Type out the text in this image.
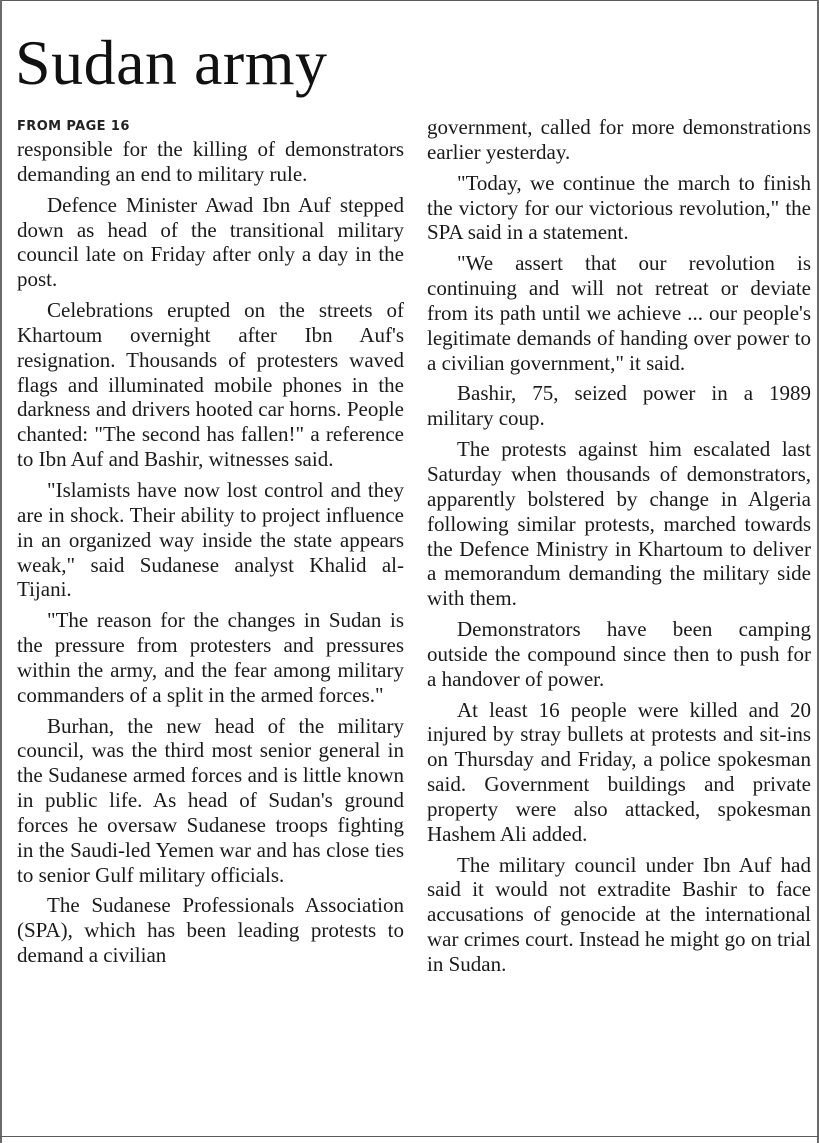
Sudan army
FROM PAGE 16

responsible for the killing of demonstrators demanding an end to military rule.

Defence Minister Awad Ibn Auf stepped down as head of the transitional military council late on Friday after only a day in the post.

Celebrations erupted on the streets of Khartoum overnight after Ibn Auf's resignation. Thousands of protesters waved flags and illuminated mobile phones in the darkness and drivers hooted car horns. People chanted: "The second has fallen!" a reference to Ibn Auf and Bashir, witnesses said.

"Islamists have now lost control and they are in shock. Their ability to project influence in an organized way inside the state appears weak," said Sudanese analyst Khalid al-Tijani.

"The reason for the changes in Sudan is the pressure from protesters and pressures within the army, and the fear among military commanders of a split in the armed forces."

Burhan, the new head of the military council, was the third most senior general in the Sudanese armed forces and is little known in public life. As head of Sudan's ground forces he oversaw Sudanese troops fighting in the Saudi-led Yemen war and has close ties to senior Gulf military officials.

The Sudanese Professionals Association (SPA), which has been leading protests to demand a civilian

government, called for more demonstrations earlier yesterday.

"Today, we continue the march to finish the victory for our victorious revolution," the SPA said in a statement.

"We assert that our revolution is continuing and will not retreat or deviate from its path until we achieve ... our people's legitimate demands of handing over power to a civilian government," it said.

Bashir, 75, seized power in a 1989 military coup.

The protests against him escalated last Saturday when thousands of demonstrators, apparently bolstered by change in Algeria following similar protests, marched towards the Defence Ministry in Khartoum to deliver a memorandum demanding the military side with them.

Demonstrators have been camping outside the compound since then to push for a handover of power.

At least 16 people were killed and 20 injured by stray bullets at protests and sit-ins on Thursday and Friday, a police spokesman said. Government buildings and private property were also attacked, spokesman Hashem Ali added.

The military council under Ibn Auf had said it would not extradite Bashir to face accusations of genocide at the international war crimes court. Instead he might go on trial in Sudan.
